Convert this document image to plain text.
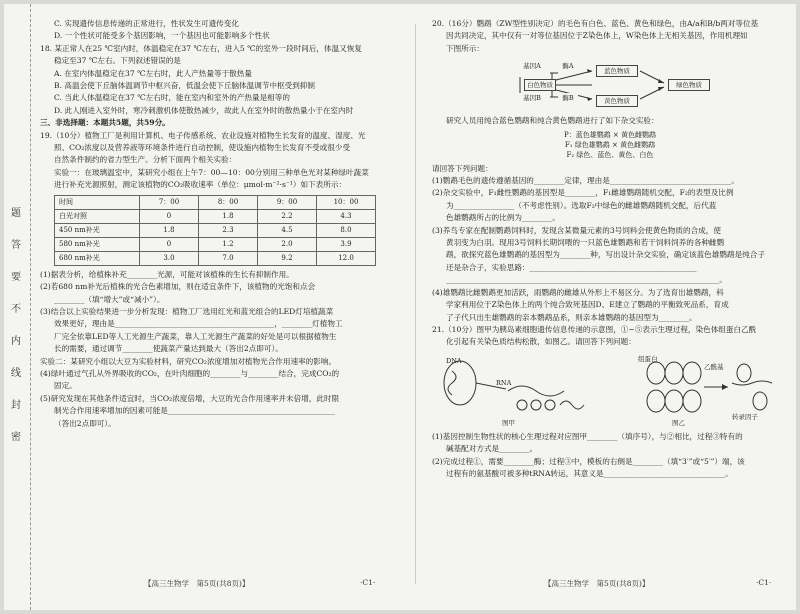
题
答
要
不
内
线
封
密

C. 实现遗传信息传递的正常进行，性状发生可遗传变化

D. 一个性状可能受多个基因影响，一个基因也可能影响多个性状

18. 某正常人在25 ℃室内时，体温稳定在37 ℃左右，进入5 ℃的室外一段时间后，体温又恢复

稳定至37 ℃左右。下列叙述错误的是

A. 在室内体温稳定在37 ℃左右时，此人产热量等于散热量

B. 高温会使下丘脑体温调节中枢兴奋，低温会使下丘脑体温调节中枢受到抑制

C. 当此人体温稳定在37 ℃左右时，能在室内和室外的产热量是相等的

D. 此人刚进入室外时，寒冷刺激机体使散热减少，故此人在室外时的散热量小于在室内时

三、非选择题：本题共5题，共59分。

19.（10分）植物工厂是利用计算机、电子传感系统、农业设施对植物生长发育的温度、湿度、光

照、CO₂浓度以及营养液等环境条件进行自动控制，使设施内植物生长发育不受或很少受

自然条件制约的省力型生产。分析下面两个相关实验：

实验一：在玻璃温室中，某研究小组在上午7：00—10：00分别用三种单色光对某种绿叶蔬菜

进行补充光源照射，测定该植物的CO₂吸收速率（单位：μmol·m⁻²·s⁻¹）如下表所示：

时间	7：00	8：00	9：00	10：00
白光对照	0	1.8	2.2	4.3
450 nm补光	1.8	2.3	4.5	8.0
580 nm补光	0	1.2	2.0	3.9
680 nm补光	3.0	7.0	9.2	12.0

(1)据表分析，给植株补充________光源，可能对该植株的生长有抑制作用。

(2)若680 nm补光后植株的光合色素增加，则在适宜条件下，该植物的光饱和点会

________（填“增大”或“减小”）。

(3)结合以上实验结果进一步分析发现：植物工厂选用红光和蓝光组合的LED灯培植蔬菜

效果更好，理由是__________________________________________，________灯植物工

厂完全依靠LED等人工光源生产蔬菜，靠人工光源生产蔬菜的好处是可以根据植物生

长的需要，通过调节________使蔬菜产量达到最大（答出2点即可）。

实验二：某研究小组以大豆为实验材料，研究CO₂浓度增加对植物光合作用速率的影响。

(4)绿叶通过气孔从外界吸收的CO₂，在叶肉细胞的________与________结合，完成CO₂的

固定。

(5)研究发现在其他条件适宜时，当CO₂浓度倍增，大豆的光合作用速率并未倍增，此时限

制光合作用速率增加的因素可能是____________________________________________

（答出2点即可）。

【高三生物学　第5页(共8页)】	·C1·

20.（16分）鹦鹉（ZW型性别决定）的毛色有白色、蓝色、黄色和绿色，由A/a和B/b两对等位基

因共同决定，其中仅有一对等位基因位于Z染色体上，W染色体上无相关基因，作用机理如

下图所示：

基因A
基因B
酶A
酶B
白色物质
蓝色物质
黄色物质
绿色物质

研究人员用纯合蓝色鹦鹉和纯合黄色鹦鹉进行了如下杂交实验：

P：蓝色雄鹦鹉 × 黄色雌鹦鹉
F₁ 绿色雄鹦鹉 × 黄色雌鹦鹉
F₂ 绿色、蓝色、黄色、白色

请回答下列问题：

(1)鹦鹉毛色的遗传遵循基因的________定律，理由是________________________________。

(2)杂交实验中，F₁雌性鹦鹉的基因型是________，F₁雌雄鹦鹉随机交配，F₂的表型及比例

为________________（不考虑性别）。选取F₂中绿色的雌雄鹦鹉随机交配，后代蓝

色雄鹦鹉所占的比例为________。

(3)养鸟专家在配制鹦鹉饲料时，发现含某微量元素的3号饲料会使黄色物质的合成，使

黄羽变为白羽。现用3号饲料长期饲喂的一只蓝色雄鹦鹉和若干饲料饲养的各种雌鹦

鹉，欲探究蓝色雄鹦鹉的基因型为________种，写出设计杂交实验，确定该蓝色雄鹦鹉是纯合子

还是杂合子，实验思路：____________________________________________

________________________________________________________________________。

(4)雄鹦鹉比雌鹦鹉更加活跃，雨鹦鹉的雌雄从外形上不易区分。为了选育出雄鹦鹉，科

学家利用位于Z染色体上的两个纯合致死基因D、E建立了鹦鹉的平衡致死品系，育成

了子代只出生雄鹦鹉的亲本鹦鹉品系，则亲本雄鹦鹉的基因型为________。

21.（10分）图甲为胰岛素细胞遗传信息传递的示意图，①~⑤表示生理过程，染色体组蛋白乙酰

化引起有关染色质结构松散，如图乙。请回答下列问题：

DNA
RNA
图甲
组蛋白
乙酰基
转录因子
图乙

(1)基因控制生物性状的核心生理过程对应图甲________（填序号），与②相比，过程③特有的

碱基配对方式是________。

(2)完成过程①，需要________酶；过程③中，模板的右侧是________（填“3′”或“5′”）端，该

过程有的氨基酸可被多种tRNA转运，其意义是________________________________。

【高三生物学　第5页(共8页)】	·C1·
